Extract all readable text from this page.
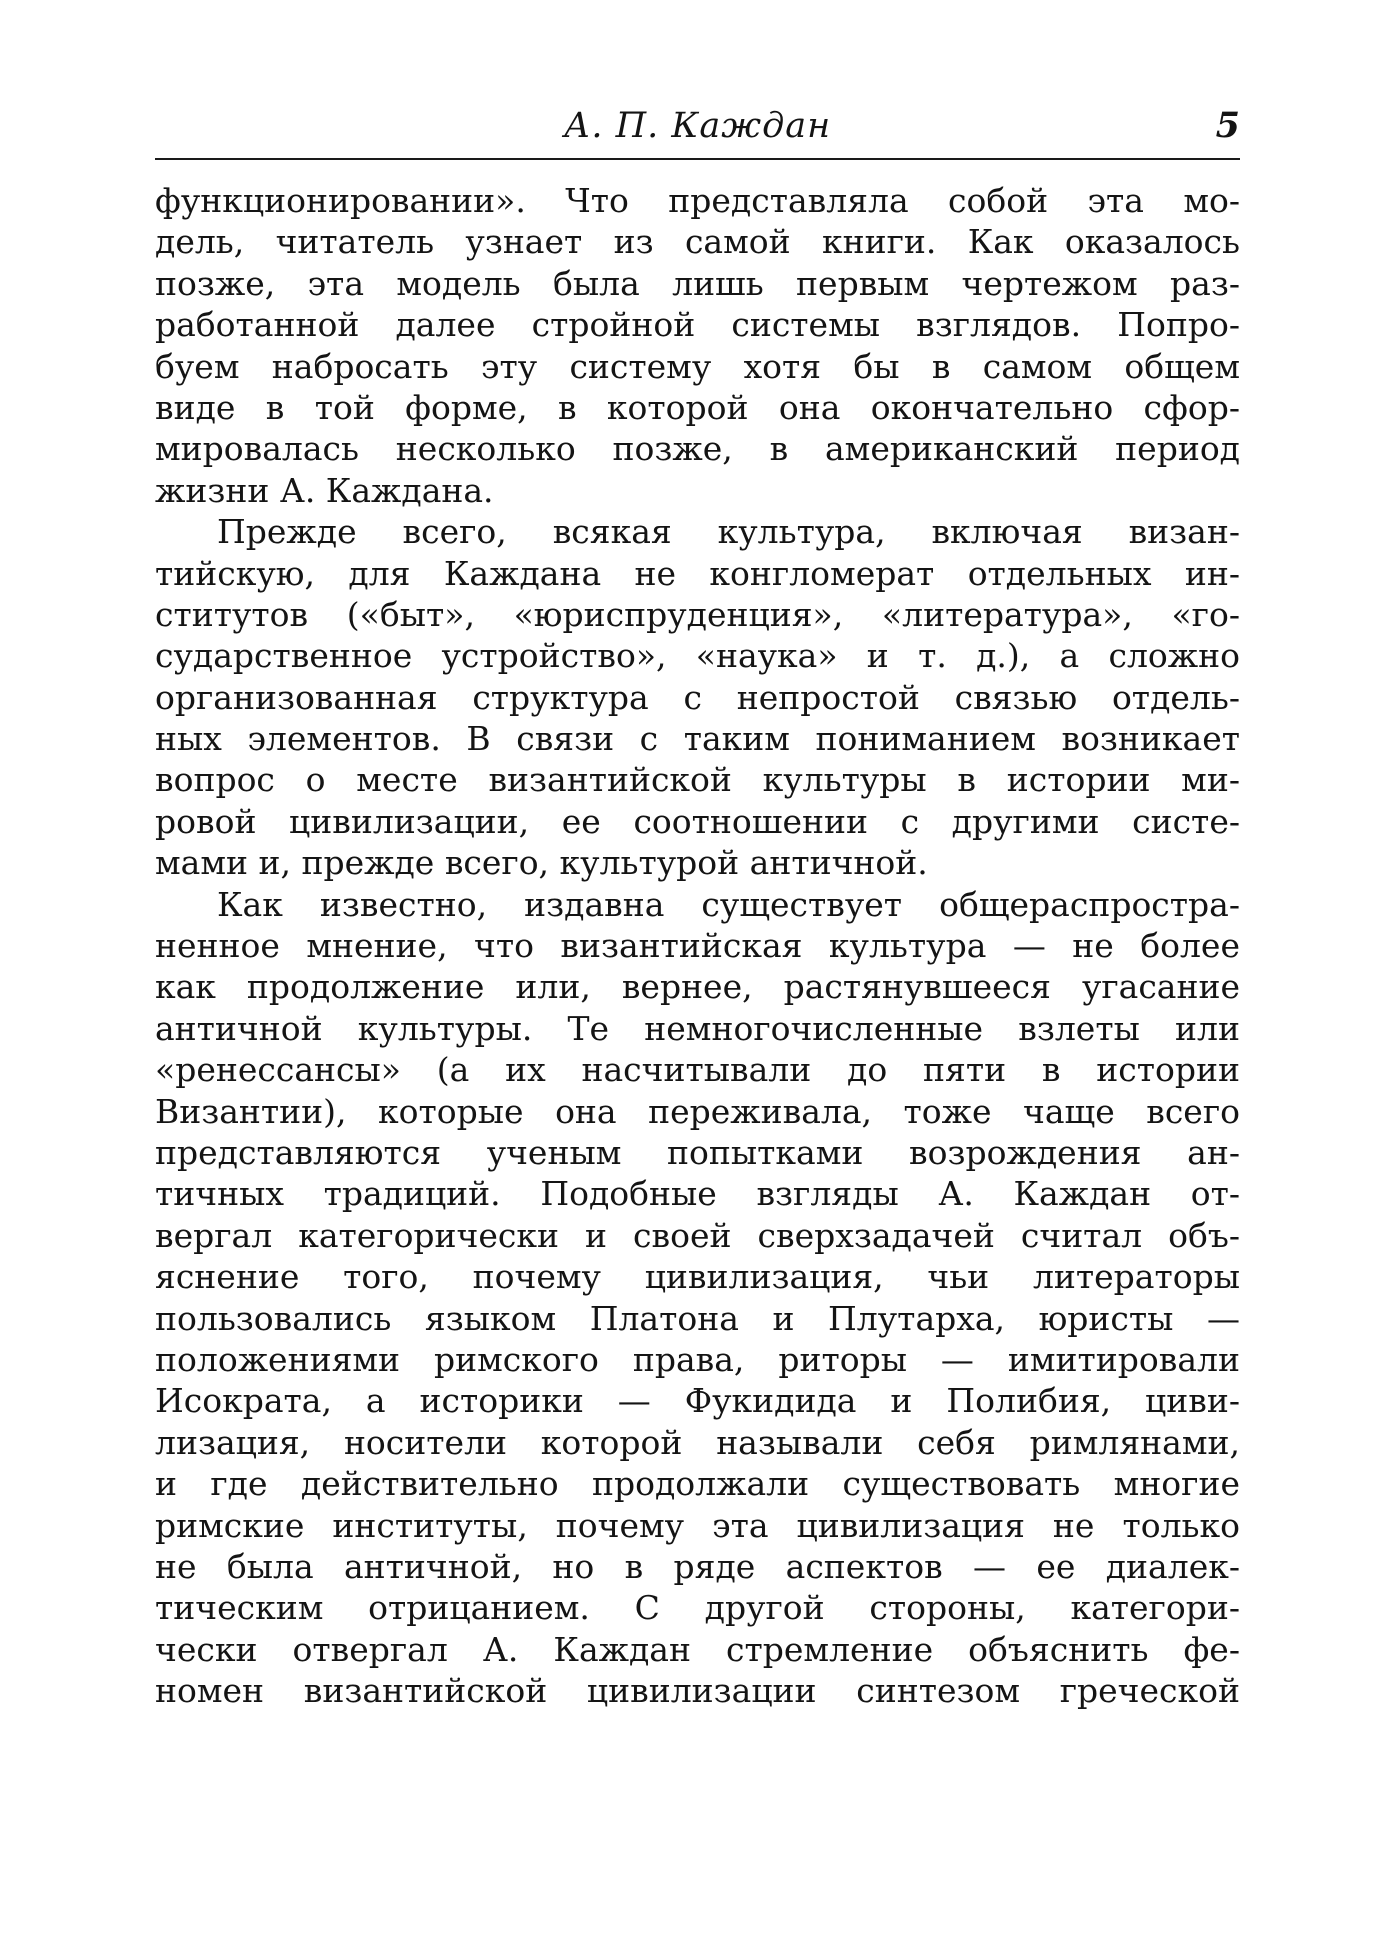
А. П. Каждан	5
функционировании». Что представляла собой эта мо-
дель, читатель узнает из самой книги. Как оказалось
позже, эта модель была лишь первым чертежом раз-
работанной далее стройной системы взглядов. Попро-
буем набросать эту систему хотя бы в самом общем
виде в той форме, в которой она окончательно сфор-
мировалась несколько позже, в американский период
жизни А. Каждана.
Прежде всего, всякая культура, включая визан-
тийскую, для Каждана не конгломерат отдельных ин-
ститутов («быт», «юриспруденция», «литература», «го-
сударственное устройство», «наука» и т. д.), а сложно
организованная структура с непростой связью отдель-
ных элементов. В связи с таким пониманием возникает
вопрос о месте византийской культуры в истории ми-
ровой цивилизации, ее соотношении с другими систе-
мами и, прежде всего, культурой античной.
Как известно, издавна существует общераспростра-
ненное мнение, что византийская культура — не более
как продолжение или, вернее, растянувшееся угасание
античной культуры. Те немногочисленные взлеты или
«ренессансы» (а их насчитывали до пяти в истории
Византии), которые она переживала, тоже чаще всего
представляются ученым попытками возрождения ан-
тичных традиций. Подобные взгляды А. Каждан от-
вергал категорически и своей сверхзадачей считал объ-
яснение того, почему цивилизация, чьи литераторы
пользовались языком Платона и Плутарха, юристы —
положениями римского права, риторы — имитировали
Исократа, а историки — Фукидида и Полибия, циви-
лизация, носители которой называли себя римлянами,
и где действительно продолжали существовать многие
римские институты, почему эта цивилизация не только
не была античной, но в ряде аспектов — ее диалек-
тическим отрицанием. С другой стороны, категори-
чески отвергал А. Каждан стремление объяснить фе-
номен византийской цивилизации синтезом греческой
